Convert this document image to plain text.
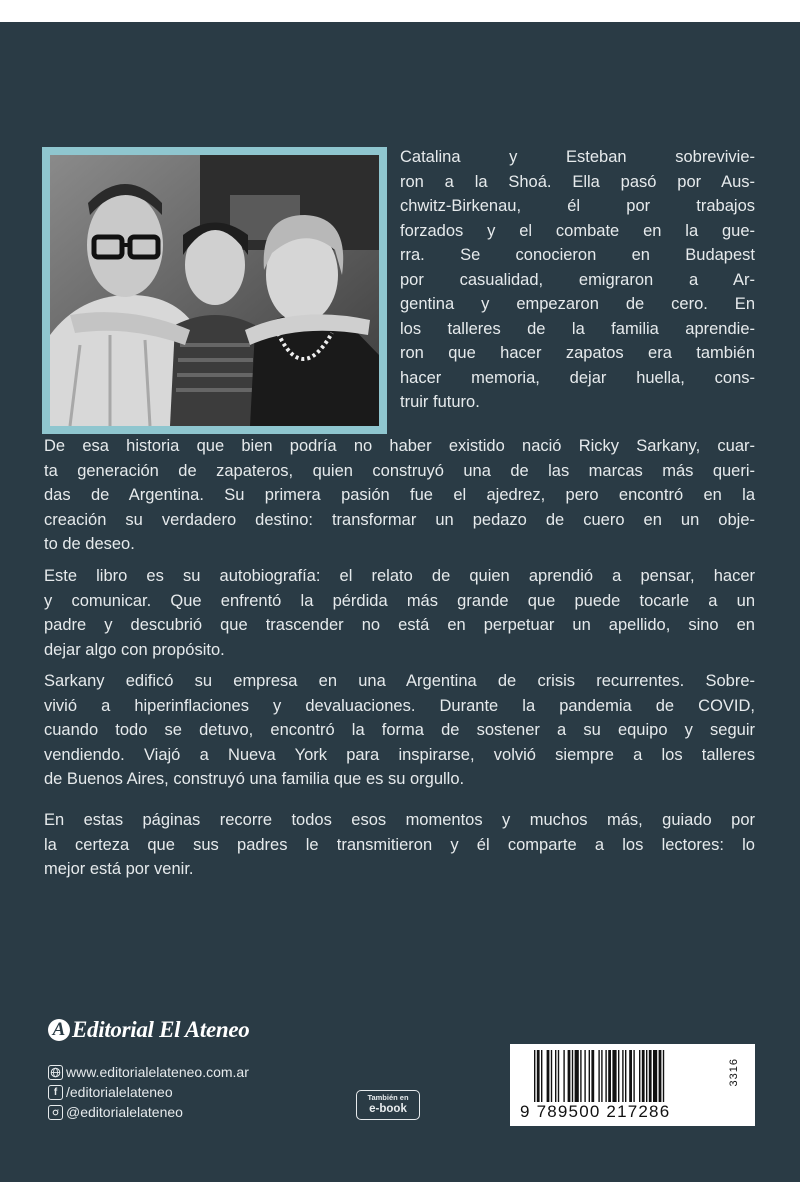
Catalina y Esteban sobrevivie-
ron a la Shoá. Ella pasó por Aus-
chwitz-Birkenau, él por trabajos
forzados y el combate en la gue-
rra. Se conocieron en Budapest
por casualidad, emigraron a Ar-
gentina y empezaron de cero. En
los talleres de la familia aprendie-
ron que hacer zapatos era también
hacer memoria, dejar huella, cons-
truir futuro.
De esa historia que bien podría no haber existido nació Ricky Sarkany, cuar-
ta generación de zapateros, quien construyó una de las marcas más queri-
das de Argentina. Su primera pasión fue el ajedrez, pero encontró en la
creación su verdadero destino: transformar un pedazo de cuero en un obje-
to de deseo.
Este libro es su autobiografía: el relato de quien aprendió a pensar, hacer
y comunicar. Que enfrentó la pérdida más grande que puede tocarle a un
padre y descubrió que trascender no está en perpetuar un apellido, sino en
dejar algo con propósito.
Sarkany edificó su empresa en una Argentina de crisis recurrentes. Sobre-
vivió a hiperinflaciones y devaluaciones. Durante la pandemia de COVID,
cuando todo se detuvo, encontró la forma de sostener a su equipo y seguir
vendiendo. Viajó a Nueva York para inspirarse, volvió siempre a los talleres
de Buenos Aires, construyó una familia que es su orgullo.
En estas páginas recorre todos esos momentos y muchos más, guiado por
la certeza que sus padres le transmitieron y él comparte a los lectores: lo
mejor está por venir.
A Editorial El Ateneo
www.editorialelateneo.com.ar
f /editorialelateneo
@editorialelateneo
También en
e-book	9 789500 217286
3316
